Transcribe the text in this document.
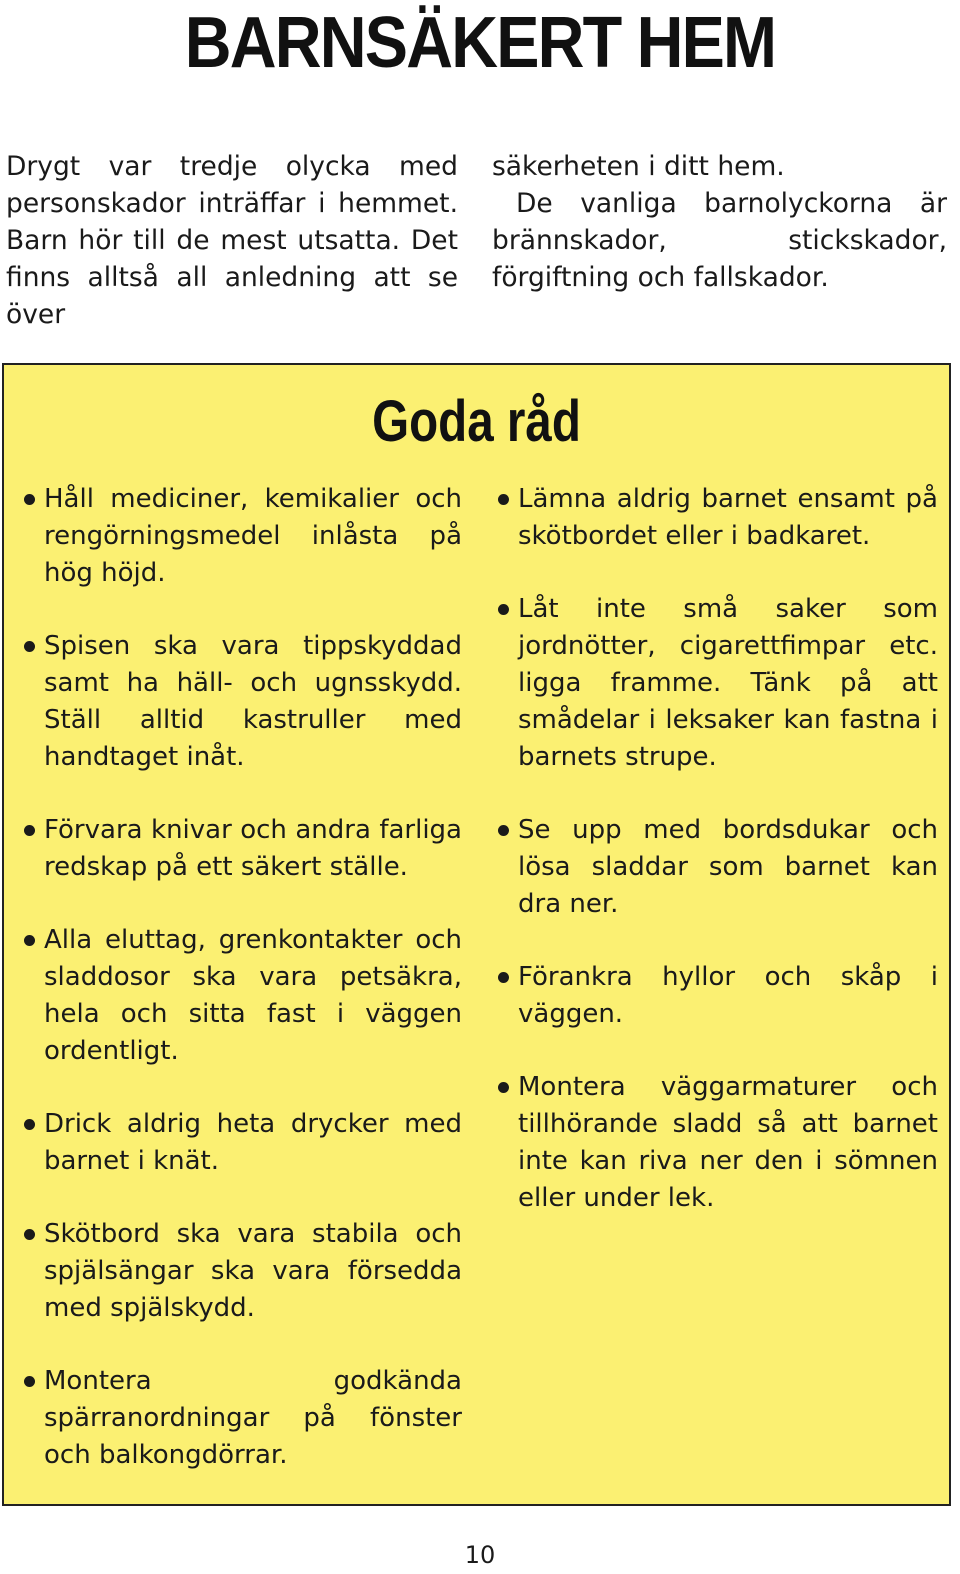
BARNSÄKERT HEM

Drygt var tredje olycka med personskador inträffar i hemmet. Barn hör till de mest utsatta. Det finns alltså all anledning att se över

säkerheten i ditt hem.

De vanliga barnolyckorna är brännskador, stickskador, förgiftning och fallskador.

Goda råd
Håll mediciner, kemikalier och rengörningsmedel inlåsta på hög höjd.
Spisen ska vara tippskyddad samt ha häll- och ugnsskydd. Ställ alltid kastruller med handtaget inåt.
Förvara knivar och andra farliga redskap på ett säkert ställe.
Alla eluttag, grenkontakter och sladdosor ska vara petsäkra, hela och sitta fast i väggen ordentligt.
Drick aldrig heta drycker med barnet i knät.
Skötbord ska vara stabila och spjälsängar ska vara försedda med spjälskydd.
Montera godkända spärranordningar på fönster och balkongdörrar.
Lämna aldrig barnet ensamt på skötbordet eller i badkaret.
Låt inte små saker som jordnötter, cigarettfimpar etc. ligga framme. Tänk på att smådelar i leksaker kan fastna i barnets strupe.
Se upp med bordsdukar och lösa sladdar som barnet kan dra ner.
Förankra hyllor och skåp i väggen.
Montera väggarmaturer och tillhörande sladd så att barnet inte kan riva ner den i sömnen eller under lek.
10
